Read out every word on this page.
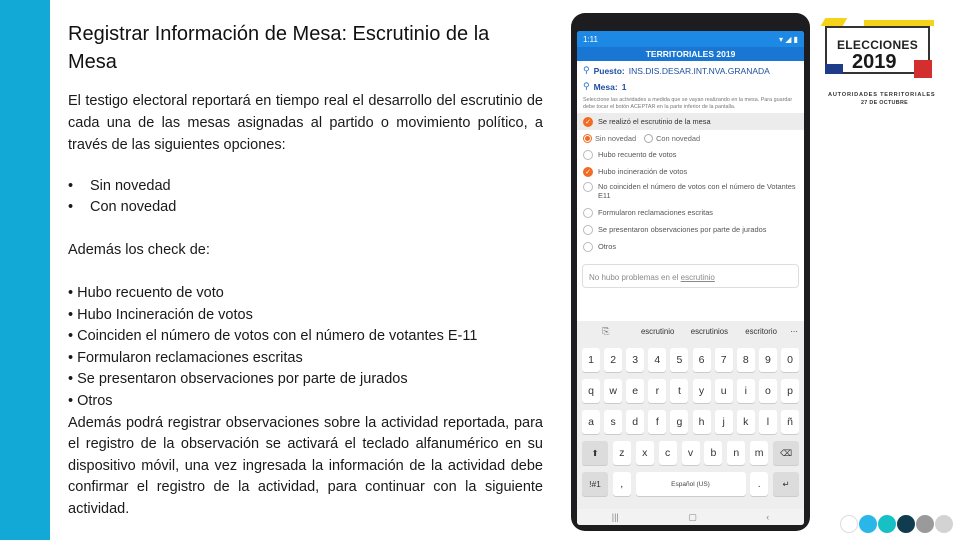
Registrar Información de Mesa: Escrutinio de la Mesa

El testigo electoral reportará en tiempo real el desarrollo del escrutinio de cada una de las mesas asignadas al partido o movimiento político, a través de las siguientes opciones:

•	Sin novedad
•	Con novedad

Además los check de:

• Hubo recuento de voto
• Hubo Incineración de votos
• Coinciden el número de votos con el número de votantes E-11
• Formularon reclamaciones escritas
• Se presentaron observaciones por parte de jurados
• Otros

Además podrá registrar observaciones sobre la actividad reportada, para el registro de la observación se activará el teclado alfanumérico en su dispositivo móvil, una vez ingresada la información de la actividad debe confirmar el registro de la actividad, para continuar con la siguiente actividad.

1:11	▾ ◢ ▮
TERRITORIALES 2019
⚲ Puesto: INS.DIS.DESAR.INT.NVA.GRANADA
⚲ Mesa: 1
Seleccione las actividades a medida que se vayan realizando en la mesa. Para guardar debe tocar el botón ACEPTAR en la parte inferior de la pantalla.
✓ Se realizó el escrutinio de la mesa
Sin novedad	Con novedad
✓ Hubo recuento de votos
✓ Hubo incineración de votos
✓ No coinciden el número de votos con el número de Votantes E11
✓ Formularon reclamaciones escritas
✓ Se presentaron observaciones por parte de jurados
✓ Otros
No hubo problemas en el escrutinio
⎘	escrutinio	escrutinios	escritorio	⋯
1	2	3	4	5	6	7	8	9	0
q	w	e	r	t	y	u	i	o	p
a	s	d	f	g	h	j	k	l	ñ
⬆	z	x	c	v	b	n	m	⌫
!#1	,	Español (US)	.	↵
|||	▢	‹
ELECCIONES
2019
AUTORIDADES TERRITORIALES
27 DE OCTUBRE
